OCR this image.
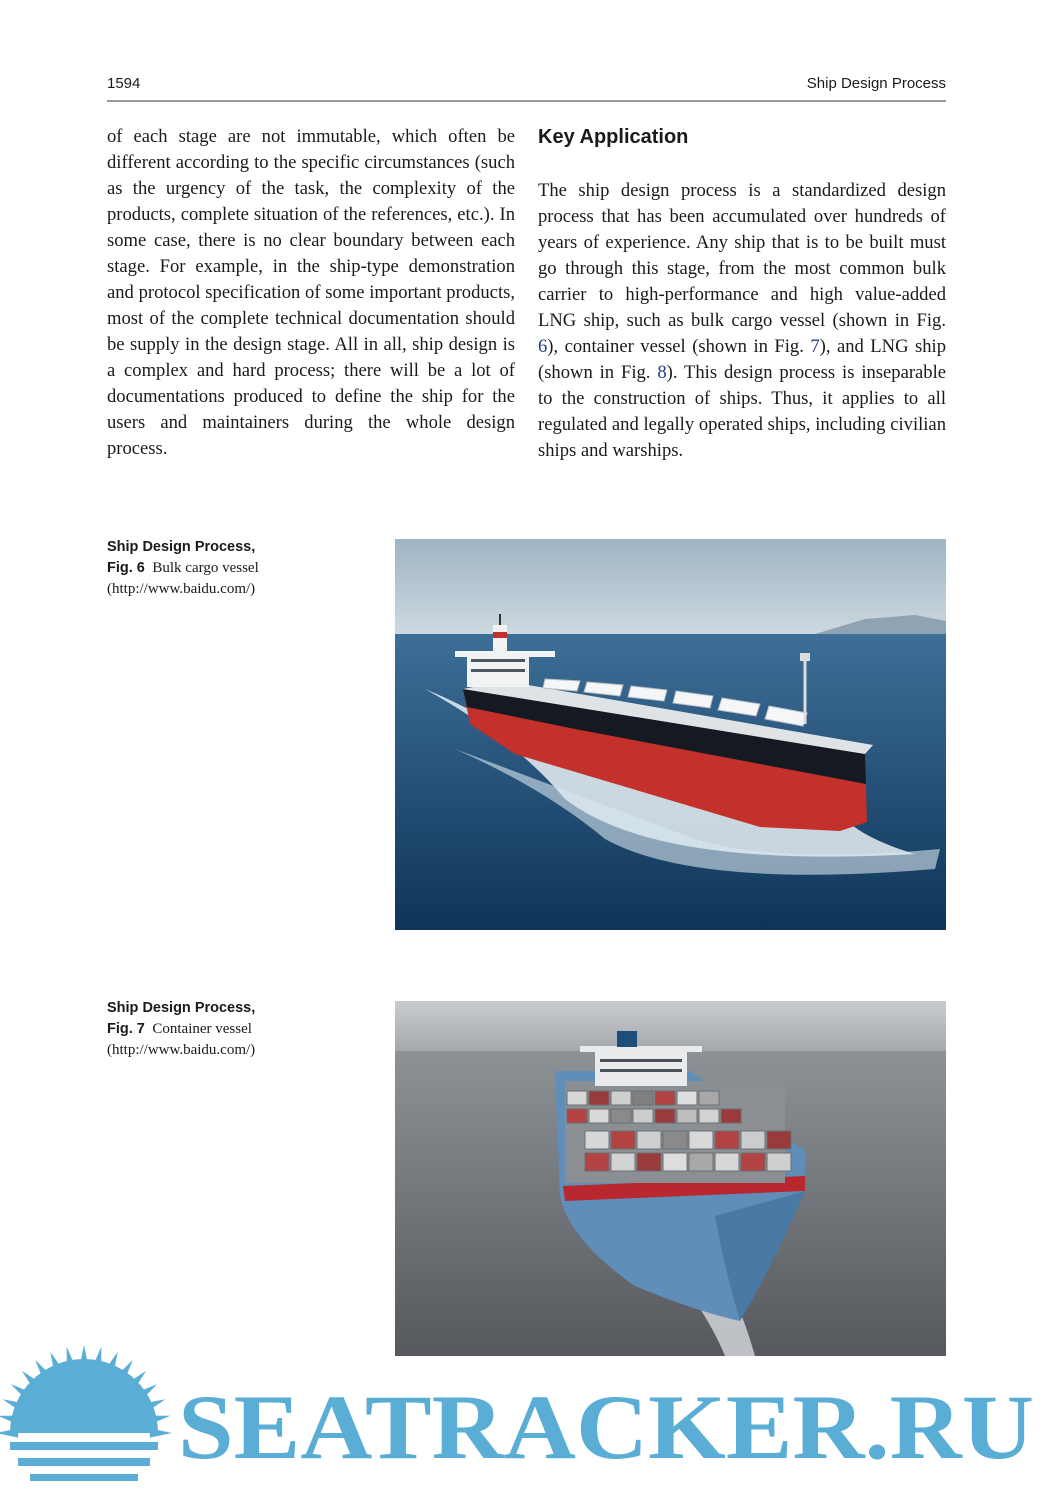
1594	Ship Design Process

of each stage are not immutable, which often be different according to the specific circumstances (such as the urgency of the task, the complexity of the products, complete situation of the references, etc.). In some case, there is no clear boundary between each stage. For example, in the ship-type demonstration and protocol specification of some important products, most of the complete technical documentation should be supply in the design stage. All in all, ship design is a complex and hard process; there will be a lot of documentations produced to define the ship for the users and maintainers during the whole design process.

Key Application

The ship design process is a standardized design process that has been accumulated over hundreds of years of experience. Any ship that is to be built must go through this stage, from the most common bulk carrier to high-performance and high value-added LNG ship, such as bulk cargo vessel (shown in Fig. 6), container vessel (shown in Fig. 7), and LNG ship (shown in Fig. 8). This design process is inseparable to the construction of ships. Thus, it applies to all regulated and legally operated ships, including civilian ships and warships.

Ship Design Process,
Fig. 6 Bulk cargo vessel
(http://www.baidu.com/)
Ship Design Process,
Fig. 7 Container vessel
(http://www.baidu.com/)
SEATRACKER.RU
